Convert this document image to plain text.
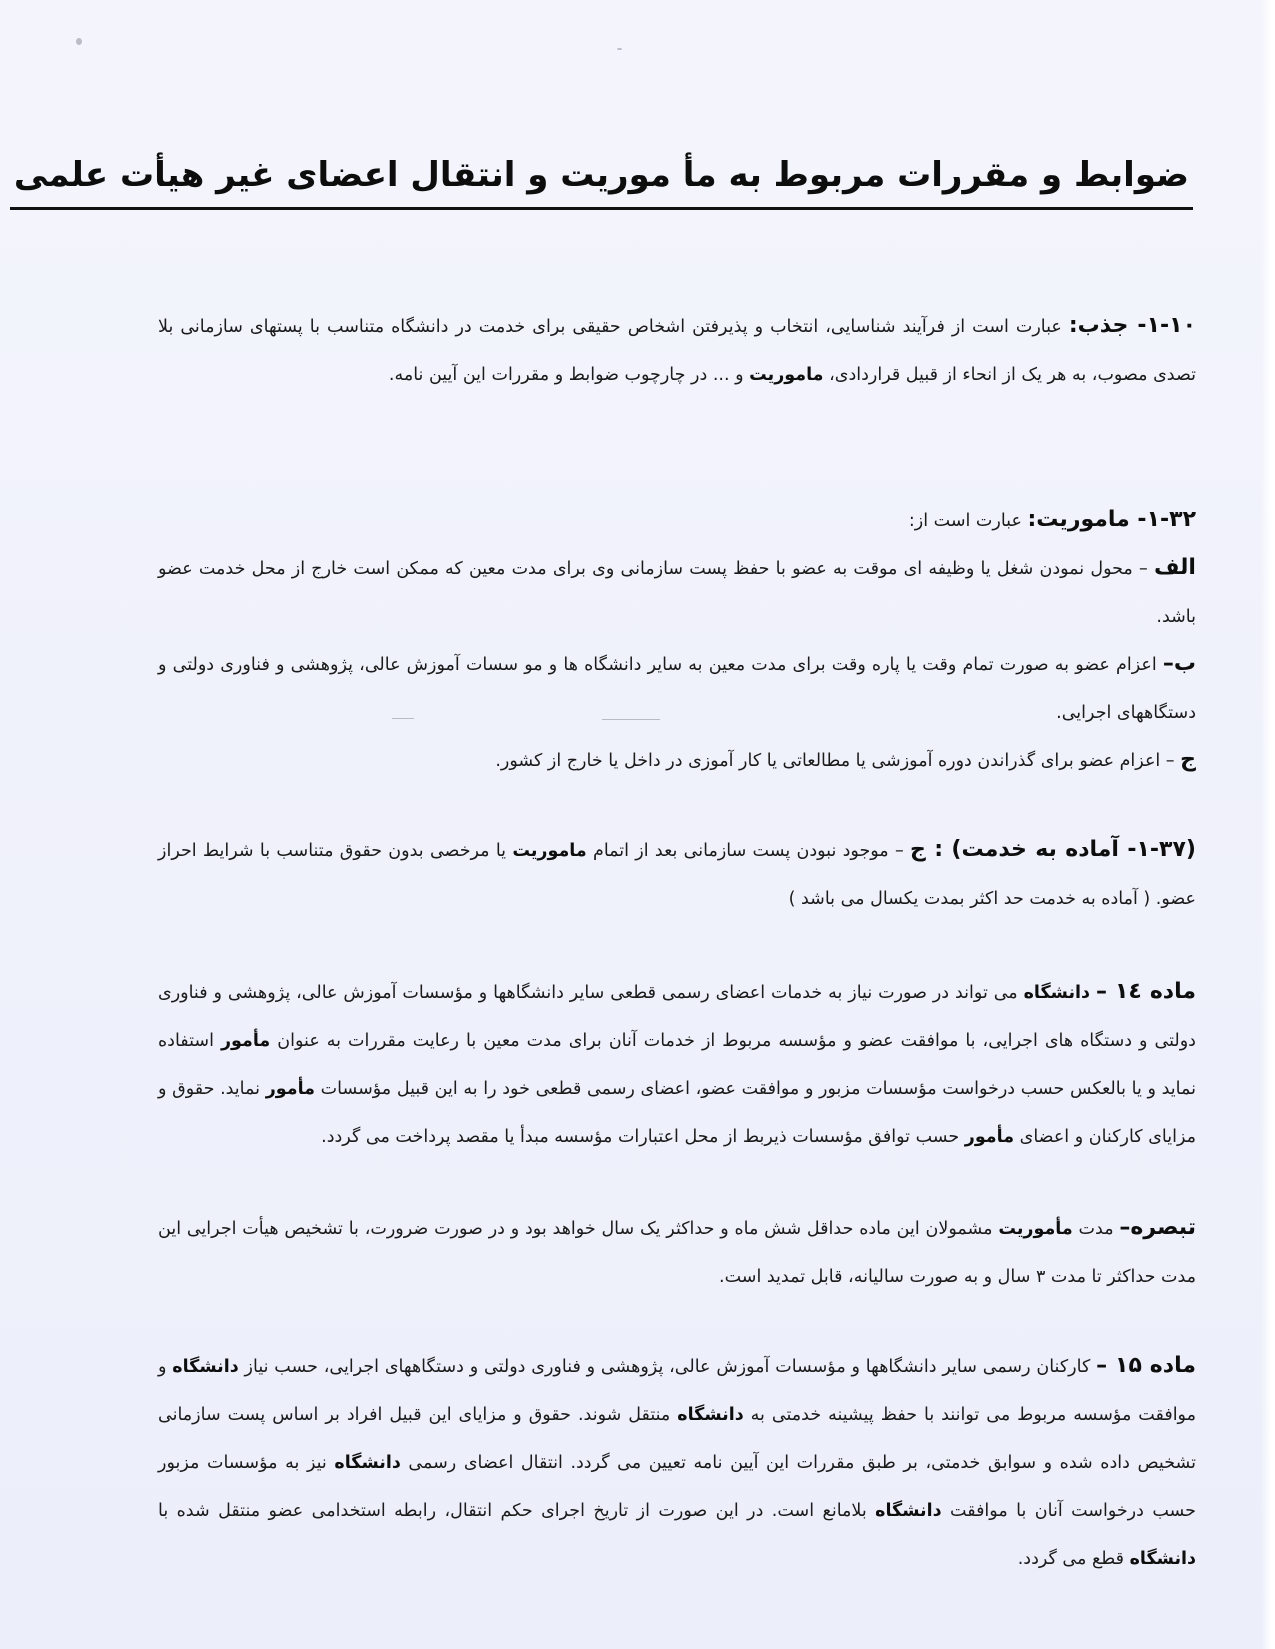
ضوابط و مقررات مربوط به مأ موریت و انتقال اعضای غیر هیأت علمی

۱-۱۰- جذب: عبارت است از فرآیند شناسایی، انتخاب و پذیرفتن اشخاص حقیقی برای خدمت در دانشگاه متناسب با پستهای سازمانی بلا تصدی مصوب، به هر یک از انحاء از قبیل قراردادی، ماموریت و ... در چارچوب ضوابط و مقررات این آیین نامه.

۱-۳۲- ماموریت: عبارت است از:

الف – محول نمودن شغل یا وظیفه ای موقت به عضو با حفظ پست سازمانی وی برای مدت معین که ممکن است خارج از محل خدمت عضو باشد.

ب– اعزام عضو به صورت تمام وقت یا پاره وقت برای مدت معین به سایر دانشگاه ها و مو سسات آموزش عالی، پژوهشی و فناوری دولتی و دستگاههای اجرایی.

ج – اعزام عضو برای گذراندن دوره آموزشی یا مطالعاتی یا کار آموزی در داخل یا خارج از کشور.

(۱-۳۷- آماده به خدمت) : ج – موجود نبودن پست سازمانی بعد از اتمام ماموریت یا مرخصی بدون حقوق متناسب با شرایط احراز عضو. ( آماده به خدمت حد اکثر بمدت یکسال می باشد )

ماده ۱٤ – دانشگاه می تواند در صورت نیاز به خدمات اعضای رسمی قطعی سایر دانشگاهها و مؤسسات آموزش عالی، پژوهشی و فناوری دولتی و دستگاه های اجرایی، با موافقت عضو و مؤسسه مربوط از خدمات آنان برای مدت معین با رعایت مقررات به عنوان مأمور استفاده نماید و یا بالعکس حسب درخواست مؤسسات مزبور و موافقت عضو، اعضای رسمی قطعی خود را به این قبیل مؤسسات مأمور نماید. حقوق و مزایای کارکنان و اعضای مأمور حسب توافق مؤسسات ذیربط از محل اعتبارات مؤسسه مبدأ یا مقصد پرداخت می گردد.

تبصره– مدت مأموریت مشمولان این ماده حداقل شش ماه و حداکثر یک سال خواهد بود و در صورت ضرورت، با تشخیص هیأت اجرایی این مدت حداکثر تا مدت ۳ سال و به صورت سالیانه، قابل تمدید است.

ماده ۱۵ – کارکنان رسمی سایر دانشگاهها و مؤسسات آموزش عالی، پژوهشی و فناوری دولتی و دستگاههای اجرایی، حسب نیاز دانشگاه و موافقت مؤسسه مربوط می توانند با حفظ پیشینه خدمتی به دانشگاه منتقل شوند. حقوق و مزایای این قبیل افراد بر اساس پست سازمانی تشخیص داده شده و سوابق خدمتی، بر طبق مقررات این آیین نامه تعیین می گردد. انتقال اعضای رسمی دانشگاه نیز به مؤسسات مزبور حسب درخواست آنان با موافقت دانشگاه بلامانع است. در این صورت از تاریخ اجرای حکم انتقال، رابطه استخدامی عضو منتقل شده با دانشگاه قطع می گردد.
